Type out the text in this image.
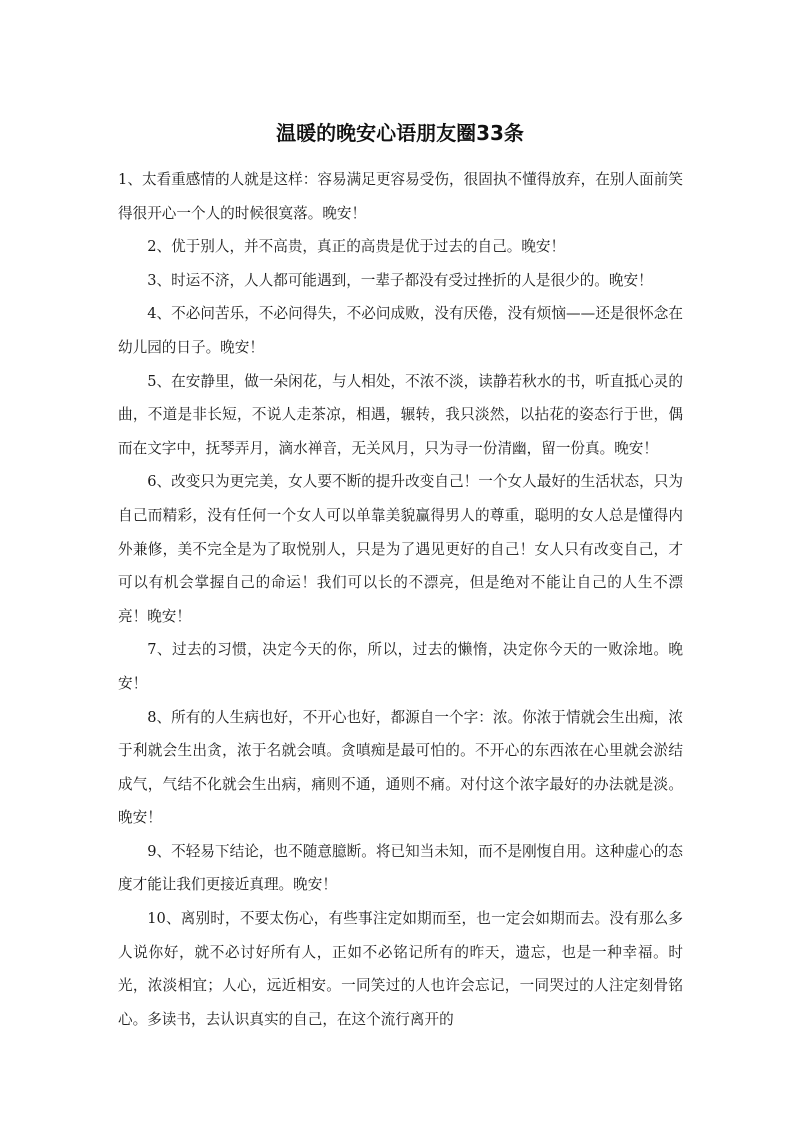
温暖的晚安心语朋友圈33条

1、太看重感情的人就是这样：容易满足更容易受伤，很固执不懂得放弃，在别人面前笑得很开心一个人的时候很寞落。晚安！

2、优于别人，并不高贵，真正的高贵是优于过去的自己。晚安！

3、时运不济，人人都可能遇到，一辈子都没有受过挫折的人是很少的。晚安！

4、不必问苦乐，不必问得失，不必问成败，没有厌倦，没有烦恼——还是很怀念在幼儿园的日子。晚安！

5、在安静里，做一朵闲花，与人相处，不浓不淡，读静若秋水的书，听直抵心灵的曲，不道是非长短，不说人走茶凉，相遇，辗转，我只淡然，以拈花的姿态行于世，偶而在文字中，抚琴弄月，滴水禅音，无关风月，只为寻一份清幽，留一份真。晚安！

6、改变只为更完美，女人要不断的提升改变自己！一个女人最好的生活状态，只为自己而精彩，没有任何一个女人可以单靠美貌赢得男人的尊重，聪明的女人总是懂得内外兼修，美不完全是为了取悦别人，只是为了遇见更好的自己！女人只有改变自己，才可以有机会掌握自己的命运！我们可以长的不漂亮，但是绝对不能让自己的人生不漂亮！晚安！

7、过去的习惯，决定今天的你，所以，过去的懒惰，决定你今天的一败涂地。晚安！

8、所有的人生病也好，不开心也好，都源自一个字：浓。你浓于情就会生出痴，浓于利就会生出贪，浓于名就会嗔。贪嗔痴是最可怕的。不开心的东西浓在心里就会淤结成气，气结不化就会生出病，痛则不通，通则不痛。对付这个浓字最好的办法就是淡。晚安！

9、不轻易下结论，也不随意臆断。将已知当未知，而不是刚愎自用。这种虚心的态度才能让我们更接近真理。晚安！

10、离别时，不要太伤心，有些事注定如期而至，也一定会如期而去。没有那么多人说你好，就不必讨好所有人，正如不必铭记所有的昨天，遗忘，也是一种幸福。时光，浓淡相宜；人心，远近相安。一同笑过的人也许会忘记，一同哭过的人注定刻骨铭心。多读书，去认识真实的自己，在这个流行离开的
